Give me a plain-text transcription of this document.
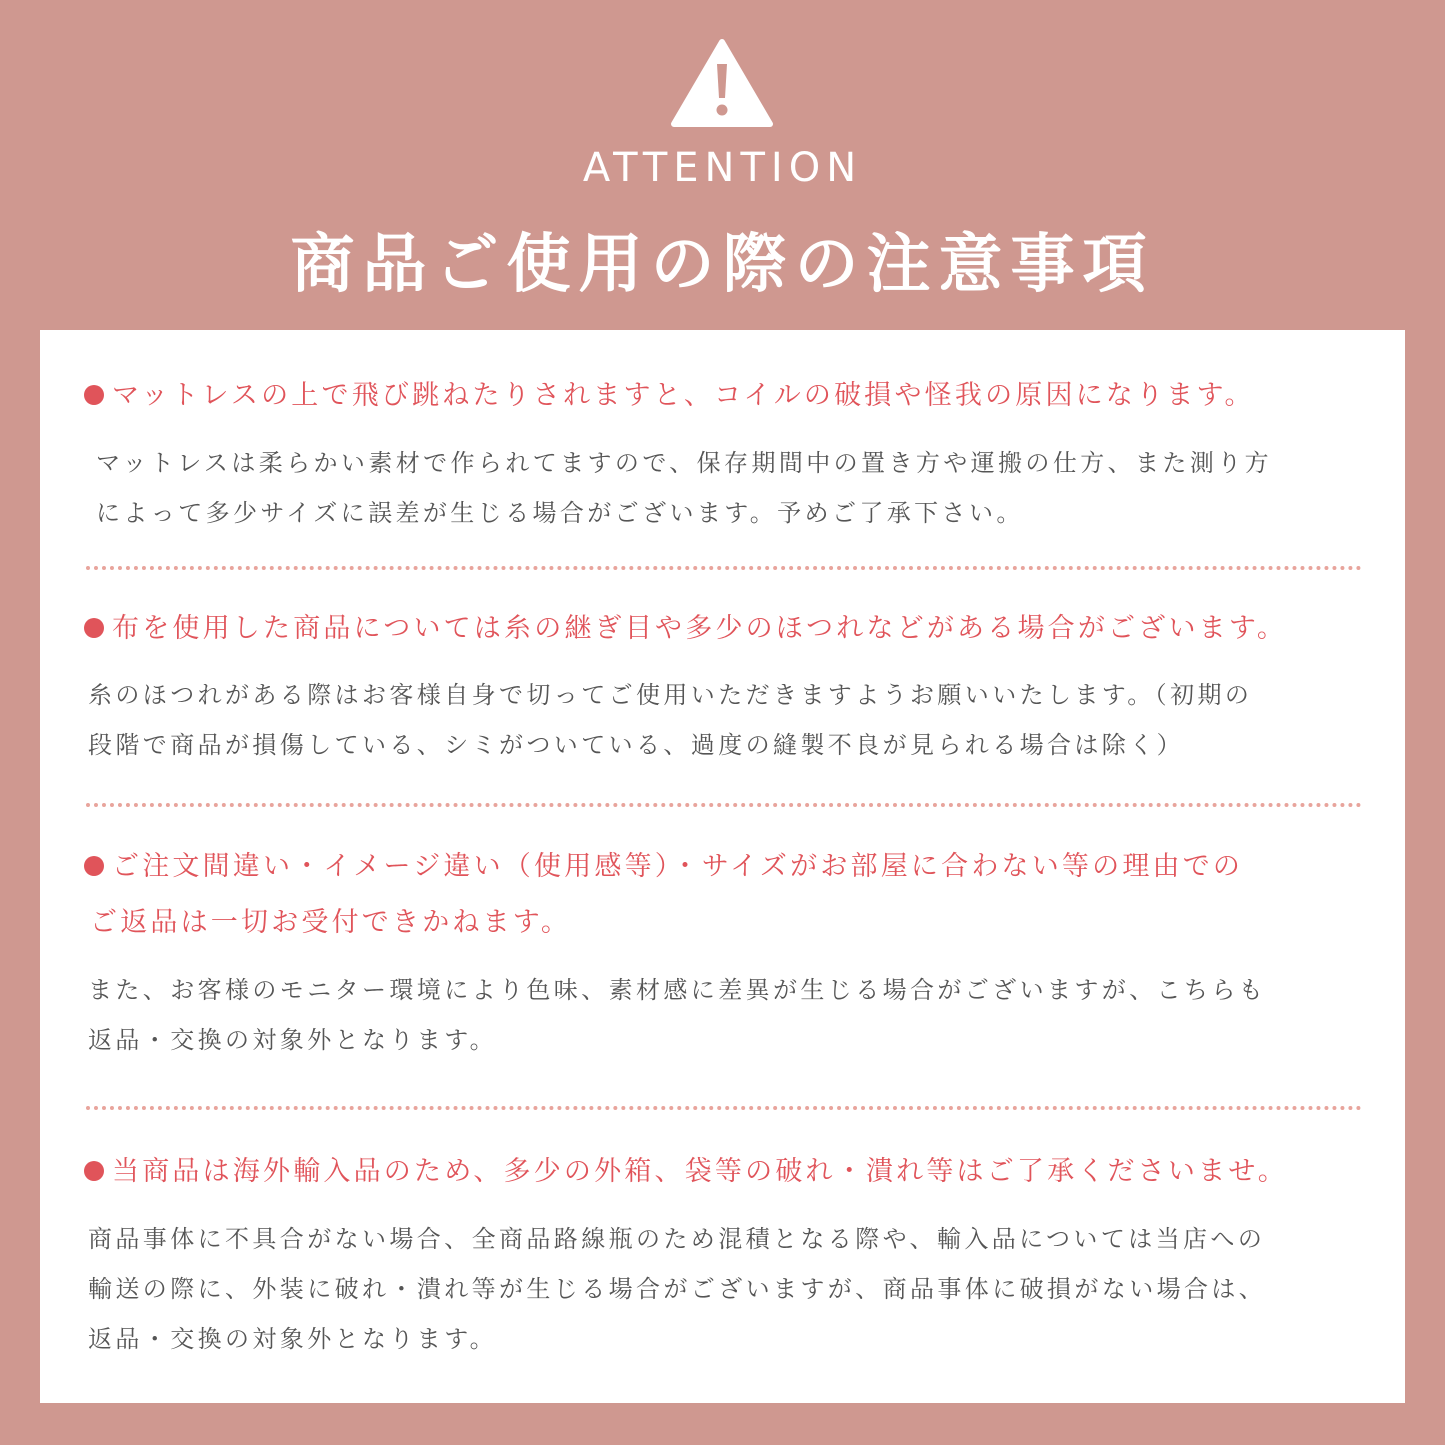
ATTENTION
商品ご使用の際の注意事項
マットレスの上で飛び跳ねたりされますと、コイルの破損や怪我の原因になります。
マットレスは柔らかい素材で作られてますので、保存期間中の置き方や運搬の仕方、また測り方
によって多少サイズに誤差が生じる場合がございます。予めご了承下さい。
布を使用した商品については糸の継ぎ目や多少のほつれなどがある場合がございます。
糸のほつれがある際はお客様自身で切ってご使用いただきますようお願いいたします。（初期の
段階で商品が損傷している、シミがついている、過度の縫製不良が見られる場合は除く）
ご注文間違い・イメージ違い（使用感等）・サイズがお部屋に合わない等の理由での
ご返品は一切お受付できかねます。
また、お客様のモニター環境により色味、素材感に差異が生じる場合がございますが、こちらも
返品・交換の対象外となります。
当商品は海外輸入品のため、多少の外箱、袋等の破れ・潰れ等はご了承くださいませ。
商品事体に不具合がない場合、全商品路線瓶のため混積となる際や、輸入品については当店への
輸送の際に、外装に破れ・潰れ等が生じる場合がございますが、商品事体に破損がない場合は、
返品・交換の対象外となります。
